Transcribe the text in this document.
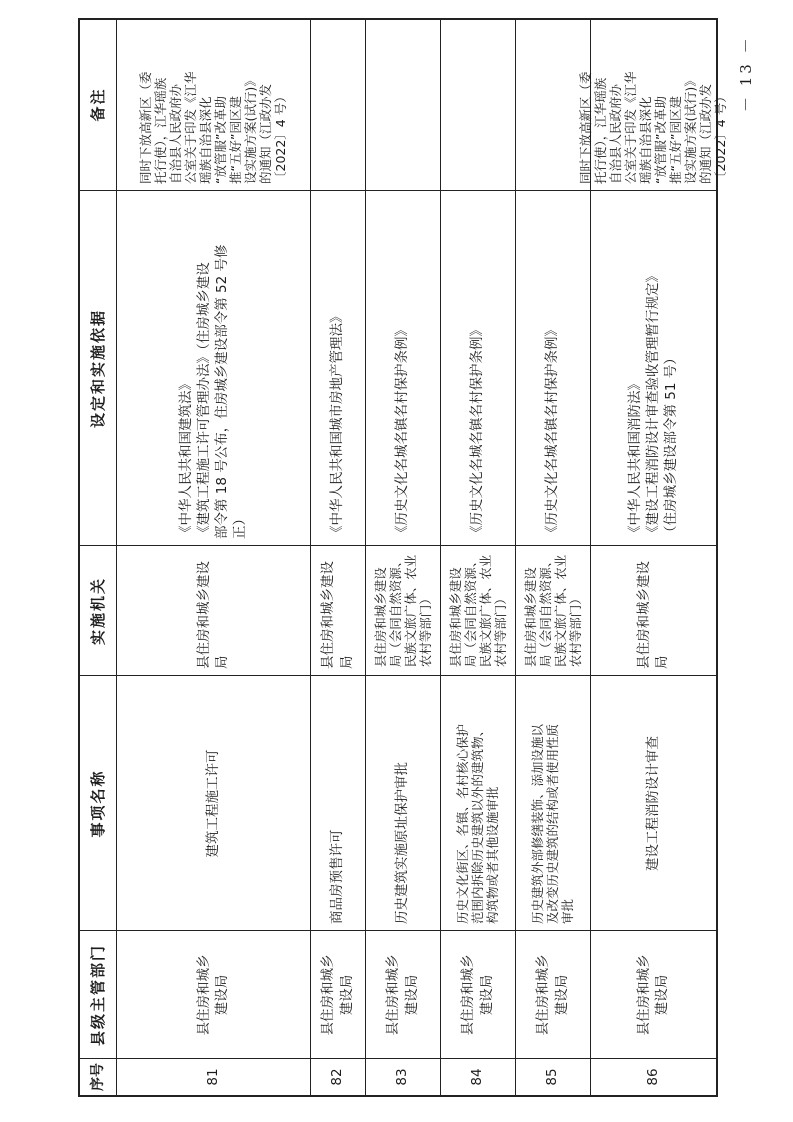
序号
县级主管部门
事项名称
实施机关
设定和实施依据
备注
81
县住房和城乡
建设局
建筑工程施工许可
县住房和城乡建设局
《中华人民共和国建筑法》
《建筑工程施工许可管理办法》（住房城乡建设
部令第 18 号公布，住房城乡建设部令第 52 号修
正）
同时下放高新区（委
托行使），江华瑶族
自治县人民政府办
公室关于印发《江华
瑶族自治县深化
“放管服”改革助
推“五好”园区建
设实施方案(试行)》
的通知（江政办发
〔2022〕4 号）
82
县住房和城乡
建设局
商品房预售许可
县住房和城乡建设局
《中华人民共和国城市房地产管理法》
83
县住房和城乡
建设局
历史建筑实施原址保护审批
县住房和城乡建设
局（会同自然资源、
民族文旅广体、农业
农村等部门）
《历史文化名城名镇名村保护条例》
84
县住房和城乡
建设局
历史文化街区、名镇、名村核心保护
范围内拆除历史建筑以外的建筑物、
构筑物或者其他设施审批
县住房和城乡建设
局（会同自然资源、
民族文旅广体、农业
农村等部门）
《历史文化名城名镇名村保护条例》
85
县住房和城乡
建设局
历史建筑外部修缮装饰、添加设施以
及改变历史建筑的结构或者使用性质
审批
县住房和城乡建设
局（会同自然资源、
民族文旅广体、农业
农村等部门）
《历史文化名城名镇名村保护条例》
86
县住房和城乡
建设局
建设工程消防设计审查
县住房和城乡建设局
《中华人民共和国消防法》
《建设工程消防设计审查验收管理暂行规定》
（住房城乡建设部令第 51 号）
同时下放高新区（委
托行使），江华瑶族
自治县人民政府办
公室关于印发《江华
瑶族自治县深化
“放管服”改革助
推“五好”园区建
设实施方案(试行)》
的通知（江政办发
〔2022〕4 号） － 13 －
